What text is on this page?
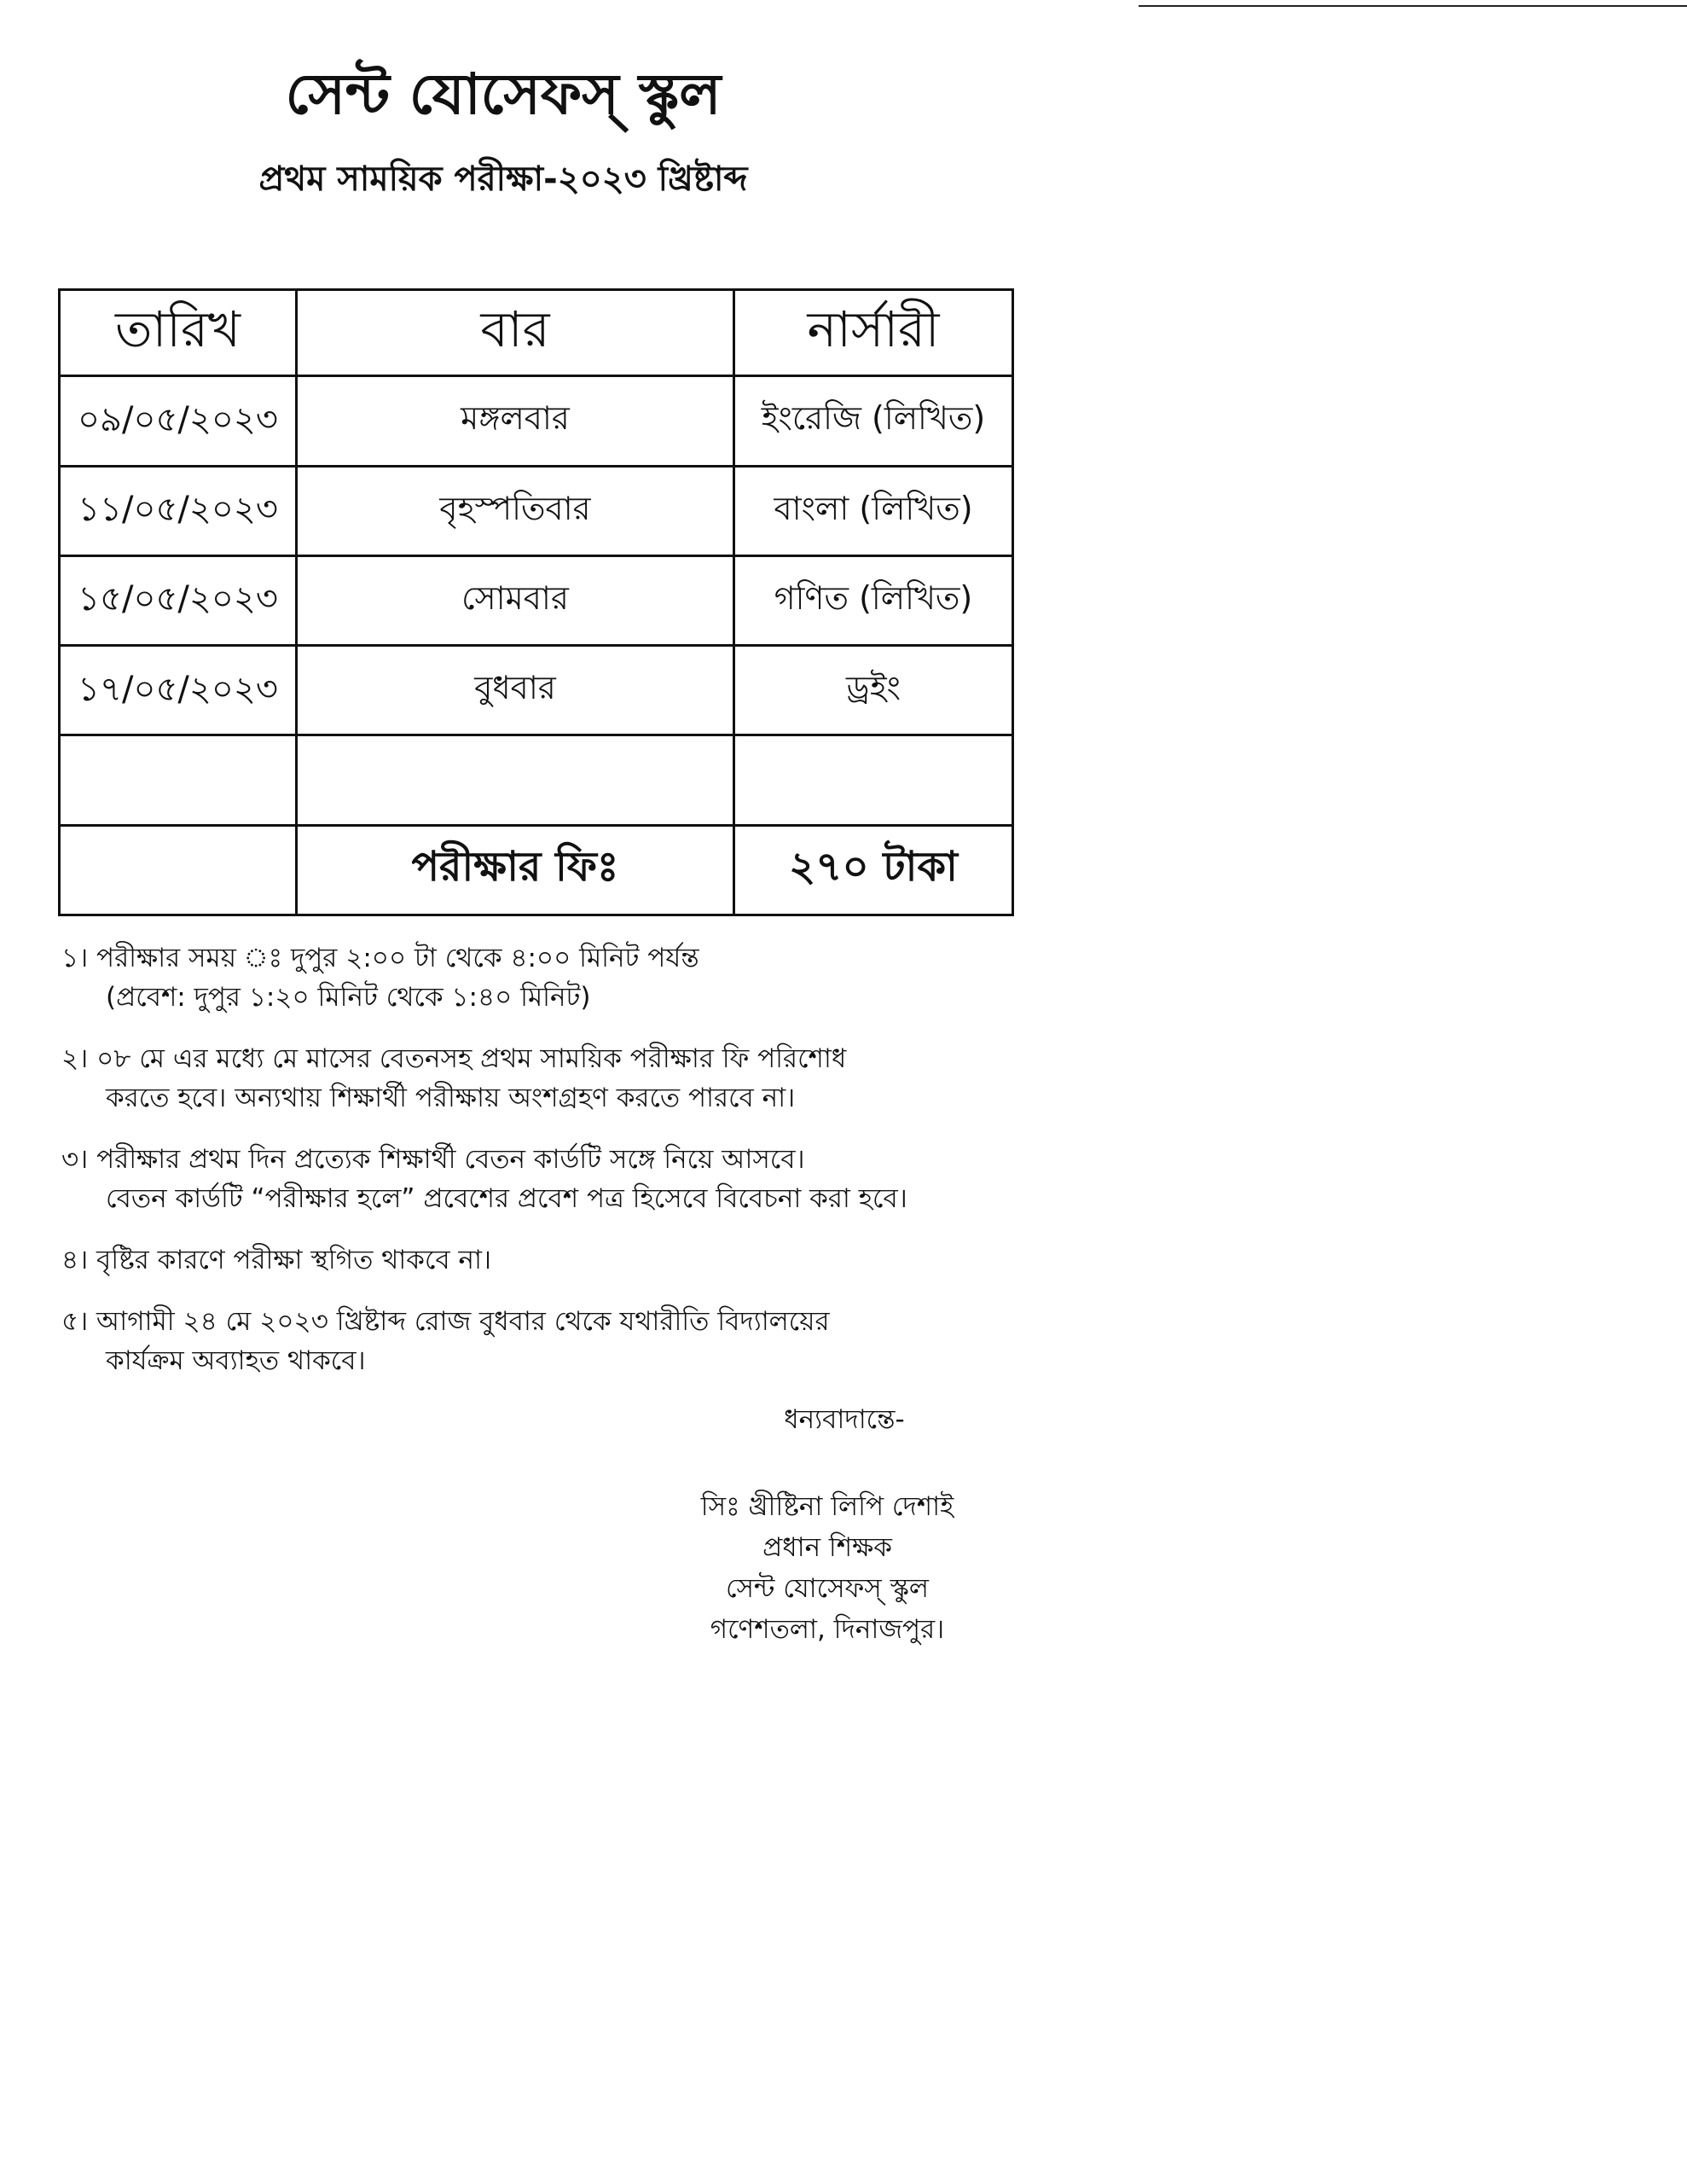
সেন্ট যোসেফস্ স্কুল
প্রথম সাময়িক পরীক্ষা-২০২৩ খ্রিষ্টাব্দ
তারিখ	বার	নার্সারী
০৯/০৫/২০২৩	মঙ্গলবার	ইংরেজি (লিখিত)
১১/০৫/২০২৩	বৃহস্পতিবার	বাংলা (লিখিত)
১৫/০৫/২০২৩	সোমবার	গণিত (লিখিত)
১৭/০৫/২০২৩	বুধবার	ড্রইং

	পরীক্ষার ফিঃ	২৭০ টাকা
১। পরীক্ষার সময় ঃ দুপুর ২:০০ টা থেকে ৪:০০ মিনিট পর্যন্ত
(প্রবেশ: দুপুর ১:২০ মিনিট থেকে ১:৪০ মিনিট)
২। ০৮ মে এর মধ্যে মে মাসের বেতনসহ প্রথম সাময়িক পরীক্ষার ফি পরিশোধ
করতে হবে। অন্যথায় শিক্ষার্থী পরীক্ষায় অংশগ্রহণ করতে পারবে না।
৩। পরীক্ষার প্রথম দিন প্রত্যেক শিক্ষার্থী বেতন কার্ডটি সঙ্গে নিয়ে আসবে।
বেতন কার্ডটি “পরীক্ষার হলে” প্রবেশের প্রবেশ পত্র হিসেবে বিবেচনা করা হবে।
৪। বৃষ্টির কারণে পরীক্ষা স্থগিত থাকবে না।
৫। আগামী ২৪ মে ২০২৩ খ্রিষ্টাব্দ রোজ বুধবার থেকে যথারীতি বিদ্যালয়ের
কার্যক্রম অব্যাহত থাকবে।
ধন্যবাদান্তে-
সিঃ খ্রীষ্টিনা লিপি দেশাই
প্রধান শিক্ষক
সেন্ট যোসেফস্ স্কুল
গণেশতলা, দিনাজপুর।
